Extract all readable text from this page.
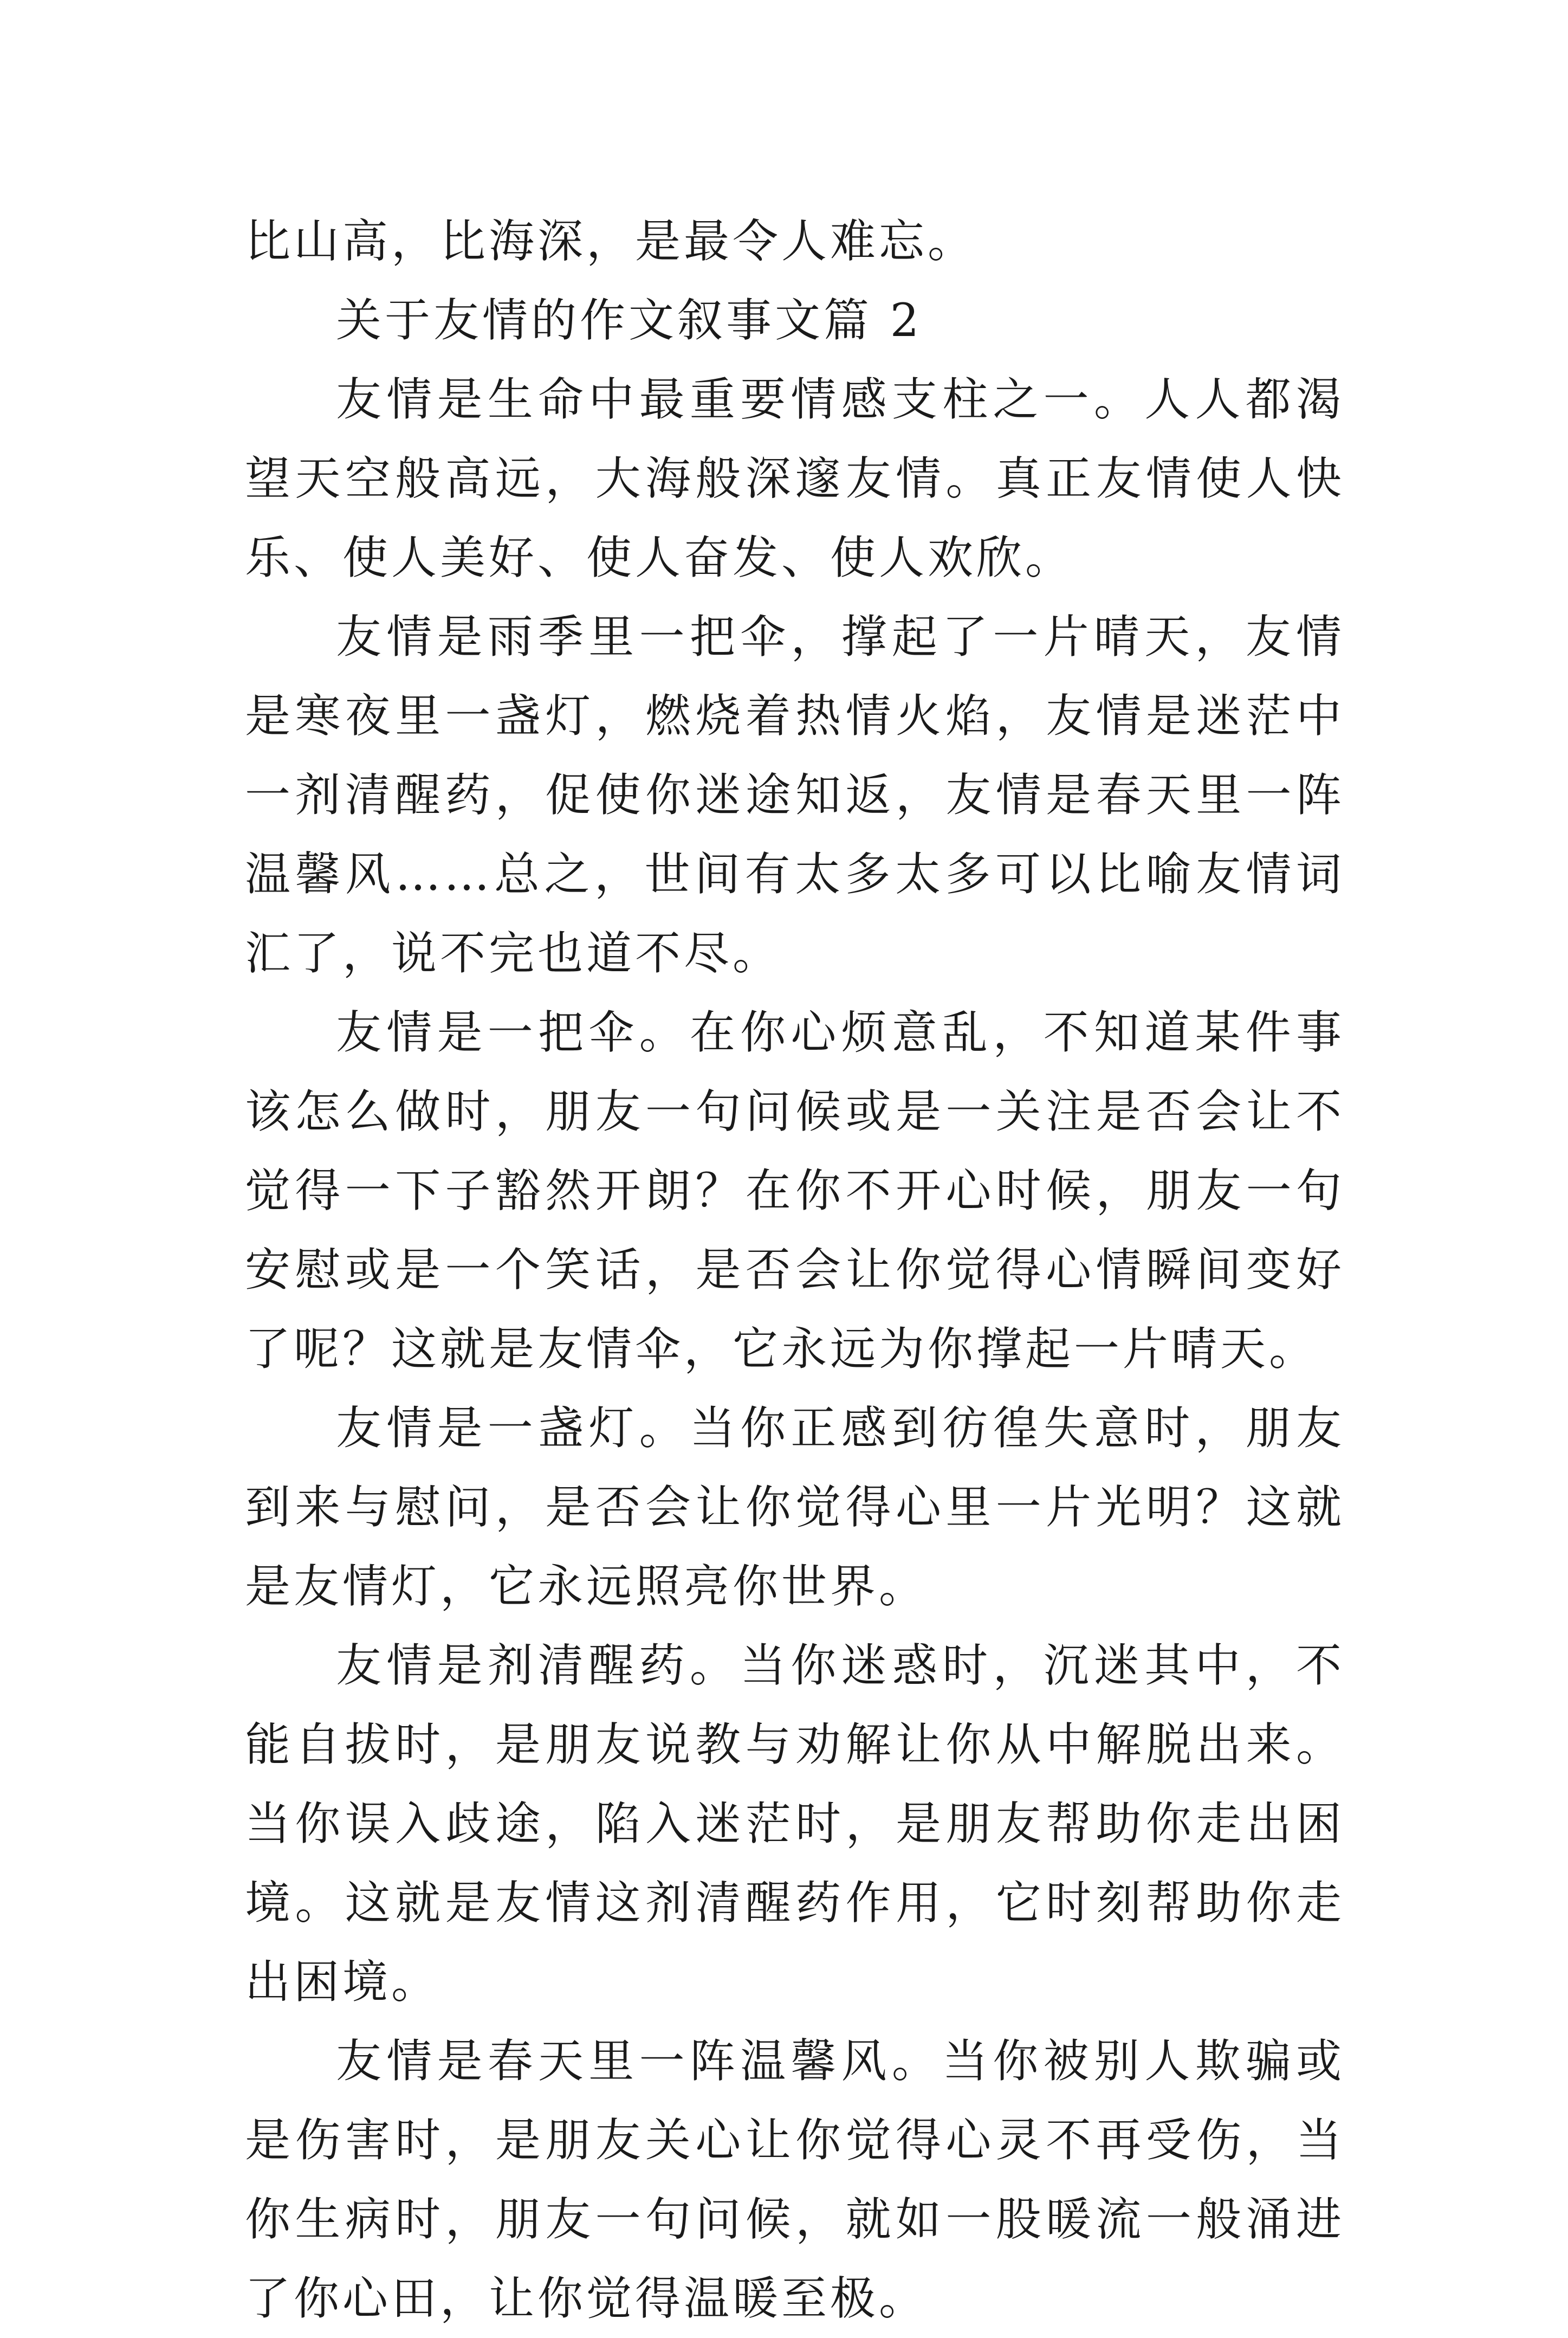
比山高，比海深，是最令人难忘。

关于友情的作文叙事文篇 2

友情是生命中最重要情感支柱之一。人人都渴望天空般高远，大海般深邃友情。真正友情使人快乐、使人美好、使人奋发、使人欢欣。

友情是雨季里一把伞，撑起了一片晴天，友情是寒夜里一盏灯，燃烧着热情火焰，友情是迷茫中一剂清醒药，促使你迷途知返，友情是春天里一阵温馨风……总之，世间有太多太多可以比喻友情词汇了，说不完也道不尽。

友情是一把伞。在你心烦意乱，不知道某件事该怎么做时，朋友一句问候或是一关注是否会让不觉得一下子豁然开朗？在你不开心时候，朋友一句安慰或是一个笑话，是否会让你觉得心情瞬间变好了呢？这就是友情伞，它永远为你撑起一片晴天。

友情是一盏灯。当你正感到彷徨失意时，朋友到来与慰问，是否会让你觉得心里一片光明？这就是友情灯，它永远照亮你世界。

友情是剂清醒药。当你迷惑时，沉迷其中，不能自拔时，是朋友说教与劝解让你从中解脱出来。当你误入歧途，陷入迷茫时，是朋友帮助你走出困境。这就是友情这剂清醒药作用，它时刻帮助你走出困境。

友情是春天里一阵温馨风。当你被别人欺骗或是伤害时，是朋友关心让你觉得心灵不再受伤，当你生病时，朋友一句问候，就如一股暖流一般涌进了你心田，让你觉得温暖至极。
